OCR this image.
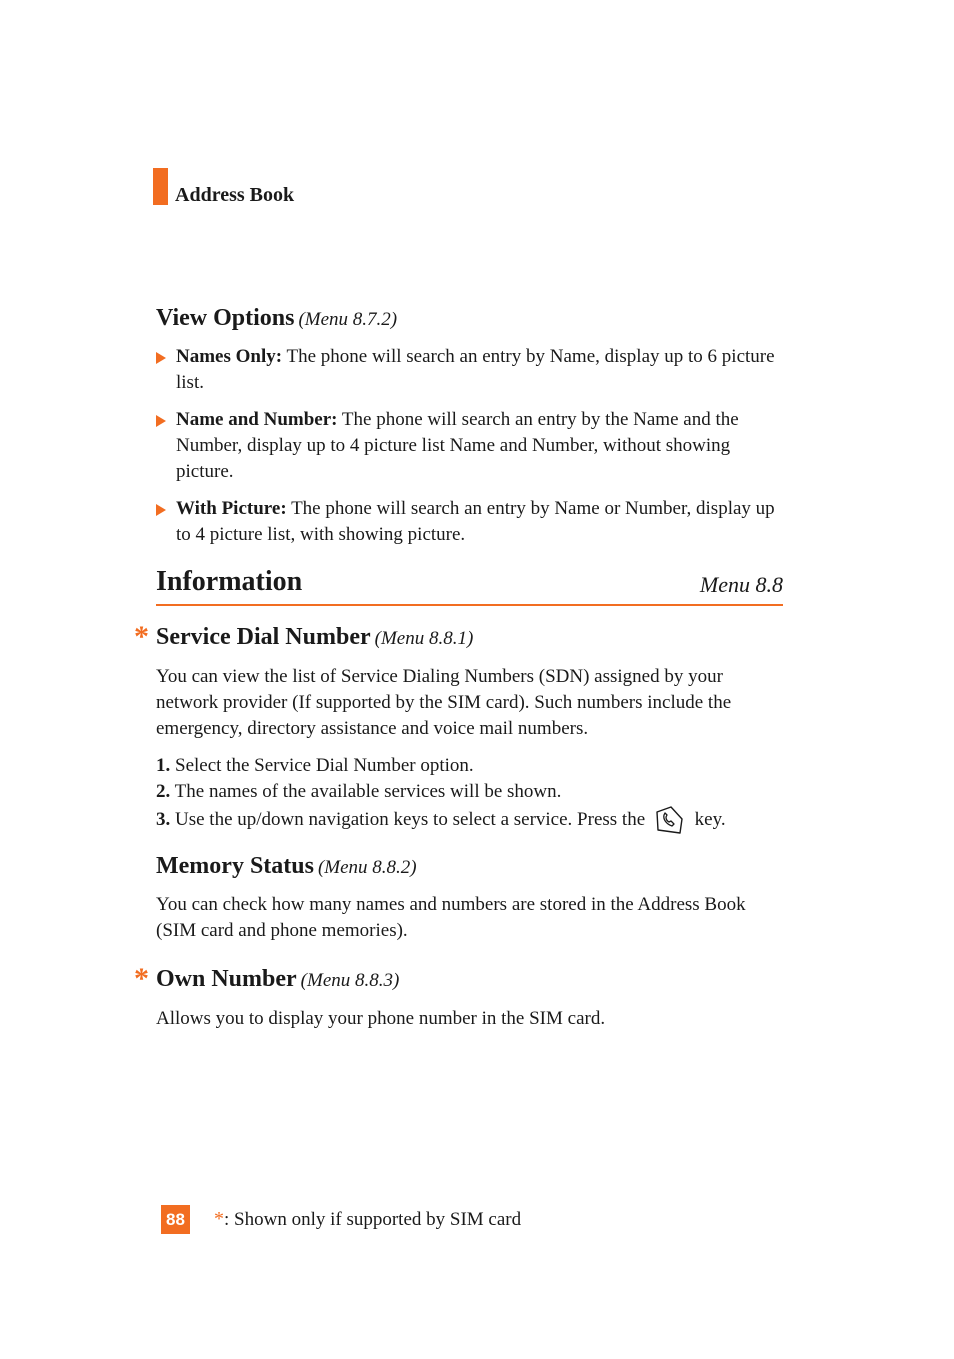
Address Book
View Options (Menu 8.7.2)
Names Only: The phone will search an entry by Name, display up to 6 picture list.
Name and Number: The phone will search an entry by the Name and the Number, display up to 4 picture list Name and Number, without showing picture.
With Picture: The phone will search an entry by Name or Number, display up to 4 picture list, with showing picture.
Information	Menu 8.8
* Service Dial Number (Menu 8.8.1)
You can view the list of Service Dialing Numbers (SDN) assigned by your network provider (If supported by the SIM card). Such numbers include the emergency, directory assistance and voice mail numbers.
1. Select the Service Dial Number option.
2. The names of the available services will be shown.
3. Use the up/down navigation keys to select a service. Press the	key.
Memory Status (Menu 8.8.2)
You can check how many names and numbers are stored in the Address Book (SIM card and phone memories).
* Own Number (Menu 8.8.3)
Allows you to display your phone number in the SIM card.
88 *: Shown only if supported by SIM card
